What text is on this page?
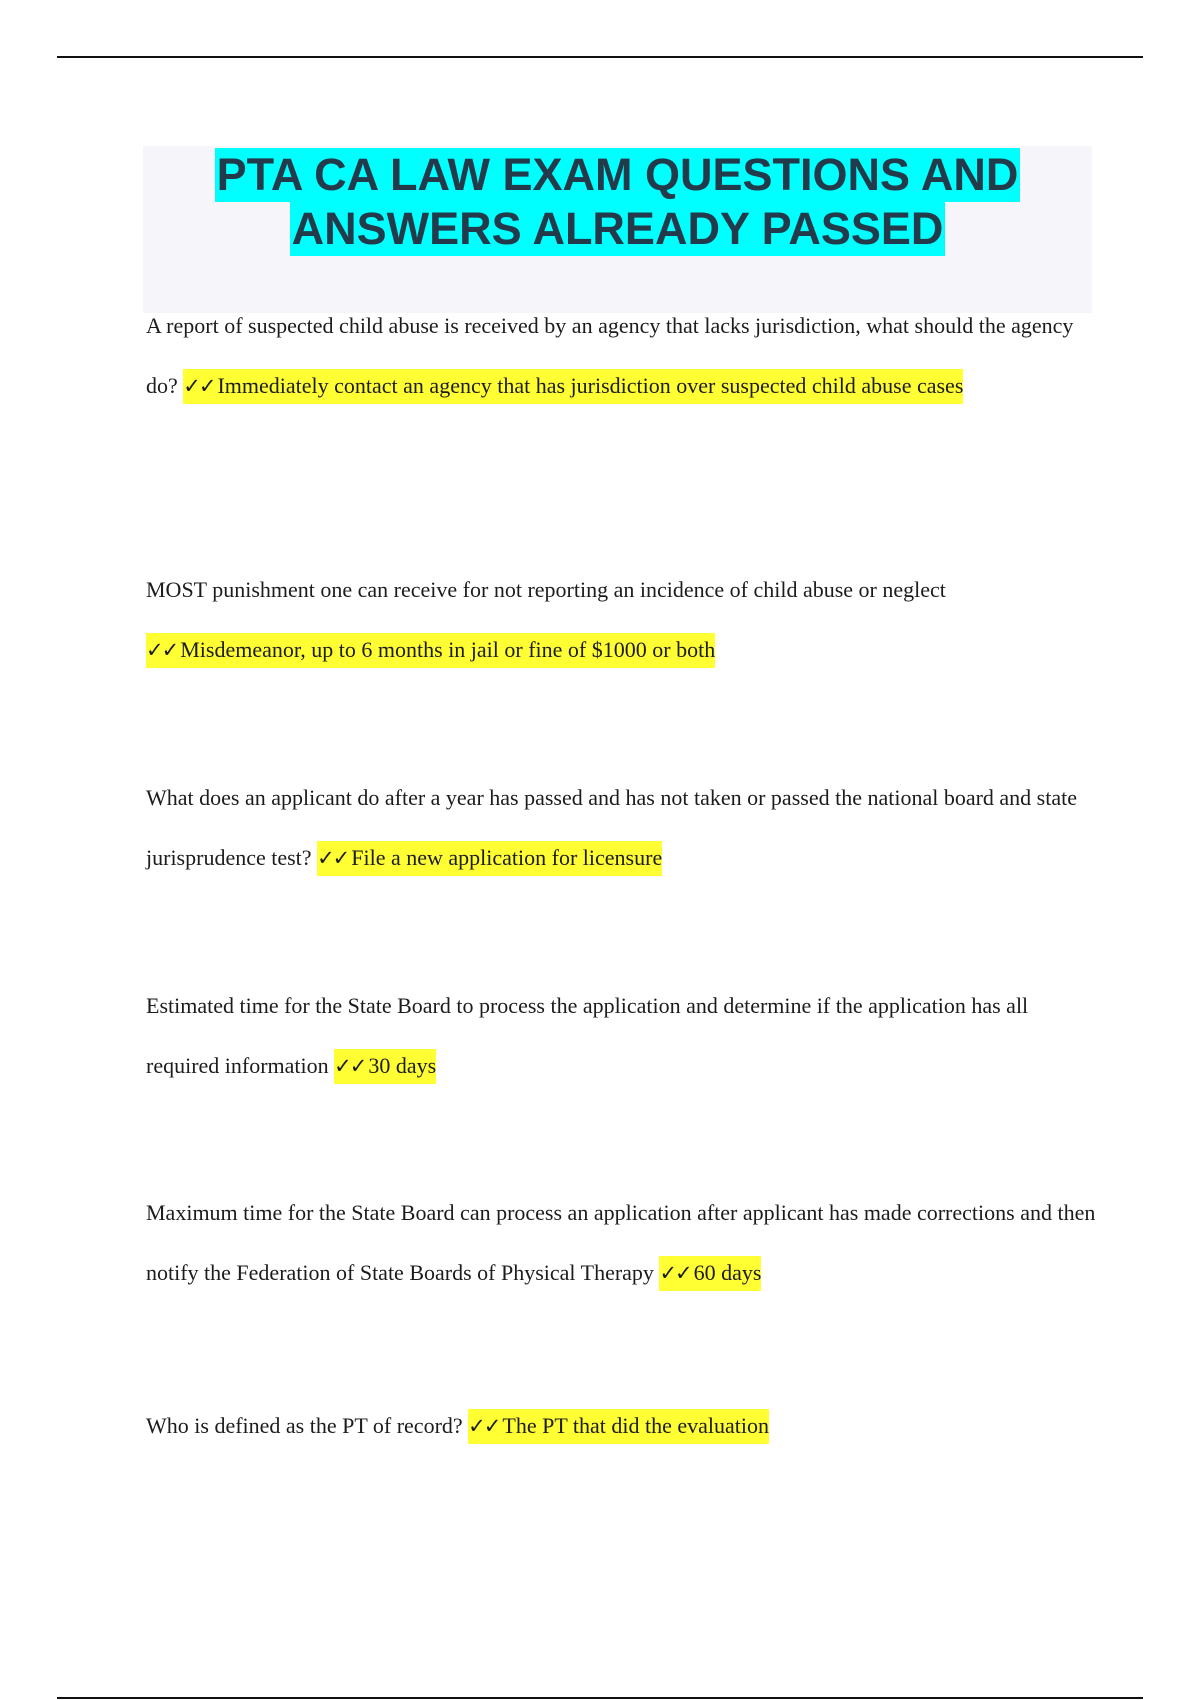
PTA CA LAW EXAM QUESTIONS AND
ANSWERS ALREADY PASSED
A report of suspected child abuse is received by an agency that lacks jurisdiction, what should the agency do? ✓✓ Immediately contact an agency that has jurisdiction over suspected child abuse cases
MOST punishment one can receive for not reporting an incidence of child abuse or neglect ✓✓ Misdemeanor, up to 6 months in jail or fine of $1000 or both
What does an applicant do after a year has passed and has not taken or passed the national board and state jurisprudence test? ✓✓ File a new application for licensure
Estimated time for the State Board to process the application and determine if the application has all required information ✓✓ 30 days
Maximum time for the State Board can process an application after applicant has made corrections and then notify the Federation of State Boards of Physical Therapy ✓✓ 60 days
Who is defined as the PT of record? ✓✓ The PT that did the evaluation
